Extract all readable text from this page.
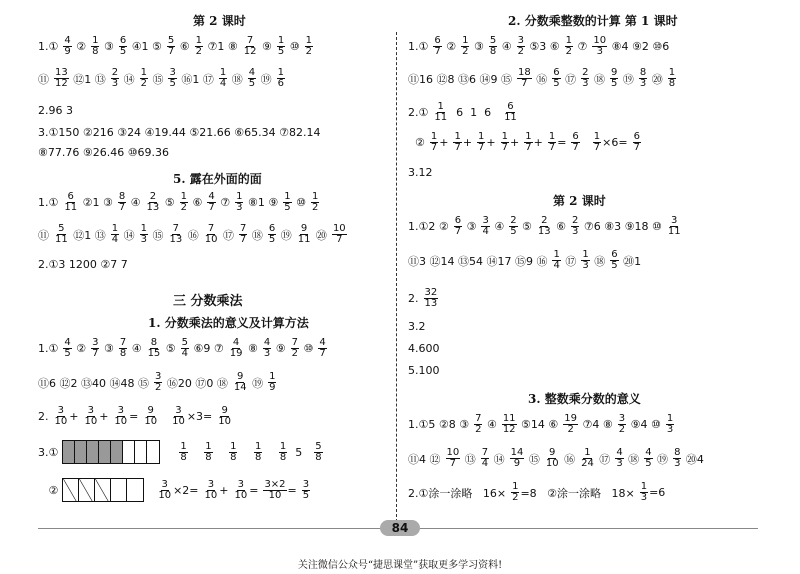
第 2 课时
1.① $\frac{4}{9}$ ② $\frac{1}{8}$ ③ $\frac{6}{5}$ ④1 ⑤ $\frac{5}{7}$ ⑥ $\frac{1}{2}$ ⑦1 ⑧ $\frac{7}{12}$ ⑨ $\frac{1}{5}$ ⑩ $\frac{1}{2}$
⑪ $\frac{13}{12}$ ⑫1 ⑬ $\frac{2}{3}$ ⑭ $\frac{1}{2}$ ⑮ $\frac{3}{5}$ ⑯1 ⑰ $\frac{1}{4}$ ⑱ $\frac{4}{5}$ ⑲ $\frac{1}{6}$
2.96 3
3.①150 ②216 ③24 ④19.44 ⑤21.66 ⑥65.34 ⑦82.14
⑧77.76 ⑨26.46 ⑩69.36
5. 露在外面的面
1.① $\frac{6}{11}$ ②1 ③ $\frac{8}{7}$ ④ $\frac{2}{13}$ ⑤ $\frac{1}{2}$ ⑥ $\frac{4}{7}$ ⑦ $\frac{1}{3}$ ⑧1 ⑨ $\frac{1}{5}$ ⑩ $\frac{1}{2}$
⑪ $\frac{5}{11}$ ⑫1 ⑬ $\frac{1}{4}$ ⑭ $\frac{1}{3}$ ⑮ $\frac{7}{13}$ ⑯ $\frac{7}{10}$ ⑰ $\frac{7}{7}$ ⑱ $\frac{6}{5}$ ⑲ $\frac{9}{11}$ ⑳ $\frac{10}{7}$
2.①3 1200 ②7 7
三 分数乘法
1. 分数乘法的意义及计算方法
1.① $\frac{4}{5}$ ② $\frac{3}{7}$ ③ $\frac{7}{8}$ ④ $\frac{8}{15}$ ⑤ $\frac{5}{4}$ ⑥9 ⑦ $\frac{4}{19}$ ⑧ $\frac{4}{3}$ ⑨ $\frac{7}{2}$ ⑩ $\frac{4}{7}$
⑪6 ⑫2 ⑬40 ⑭48 ⑮ $\frac{3}{2}$ ⑯20 ⑰0 ⑱ $\frac{9}{14}$ ⑲ $\frac{1}{9}$
2. $\frac{3}{10} + \frac{3}{10} + \frac{3}{10} = \frac{9}{10}$
$\frac{3}{10} \times 3= \frac{9}{10}$
3.①	$\frac{1}{8}$
$\frac{1}{8}$
$\frac{1}{8}$
$\frac{1}{8}$
$\frac{1}{8} 5 \frac{5}{8}$
②	$\frac{3}{10} \times 2= \frac{3}{10} + \frac{3}{10} = \frac{3\times 2}{10} = \frac{3}{5}$
2. 分数乘整数的计算 第 1 课时
1.① $\frac{6}{7}$ ② $\frac{1}{2}$ ③ $\frac{5}{8}$ ④ $\frac{3}{2}$ ⑤3 ⑥ $\frac{1}{2}$ ⑦ $\frac{10}{3}$ ⑧4 ⑨2 ⑩6
⑪16 ⑫8 ⑬6 ⑭9 ⑮ $\frac{18}{7}$ ⑯ $\frac{6}{5}$ ⑰ $\frac{2}{3}$ ⑱ $\frac{9}{5}$ ⑲ $\frac{8}{3}$ ⑳ $\frac{1}{8}$
2.① $\frac{1}{11} 6$  1  $6 \frac{6}{11}$
② $\frac{1}{7} + \frac{1}{7} + \frac{1}{7} + \frac{1}{7} + \frac{1}{7} + \frac{1}{7} = \frac{6}{7}$
$\frac{1}{7} \times 6= \frac{6}{7}$
3.12
第 2 课时
1.①2 ② $\frac{6}{7}$ ③ $\frac{3}{4}$ ④ $\frac{2}{5}$ ⑤ $\frac{2}{13}$ ⑥ $\frac{2}{3}$ ⑦6 ⑧3 ⑨18 ⑩ $\frac{3}{11}$
⑪3 ⑫14 ⑬54 ⑭17 ⑮9 ⑯ $\frac{1}{4}$ ⑰ $\frac{1}{3}$ ⑱ $\frac{6}{5}$ ⑳1
2. $\frac{32}{13}$
3.2
4.600
5.100
3. 整数乘分数的意义
1.①5 ②8 ③ $\frac{7}{2}$ ④ $\frac{11}{12}$ ⑤14 ⑥ $\frac{19}{2}$ ⑦4 ⑧ $\frac{3}{2}$ ⑨4 ⑩ $\frac{1}{3}$
⑪4 ⑫ $\frac{10}{7}$ ⑬ $\frac{7}{4}$ ⑭ $\frac{14}{9}$ ⑮ $\frac{9}{10}$ ⑯ $\frac{1}{24}$ ⑰ $\frac{4}{3}$ ⑱ $\frac{4}{5}$ ⑲ $\frac{8}{3}$ ⑳4
2.①涂一涂略   $16\times \frac{1}{2} =8$   ②涂一涂略   $18\times \frac{1}{3} =6$
84
关注微信公众号“捷思课堂”获取更多学习资料!
